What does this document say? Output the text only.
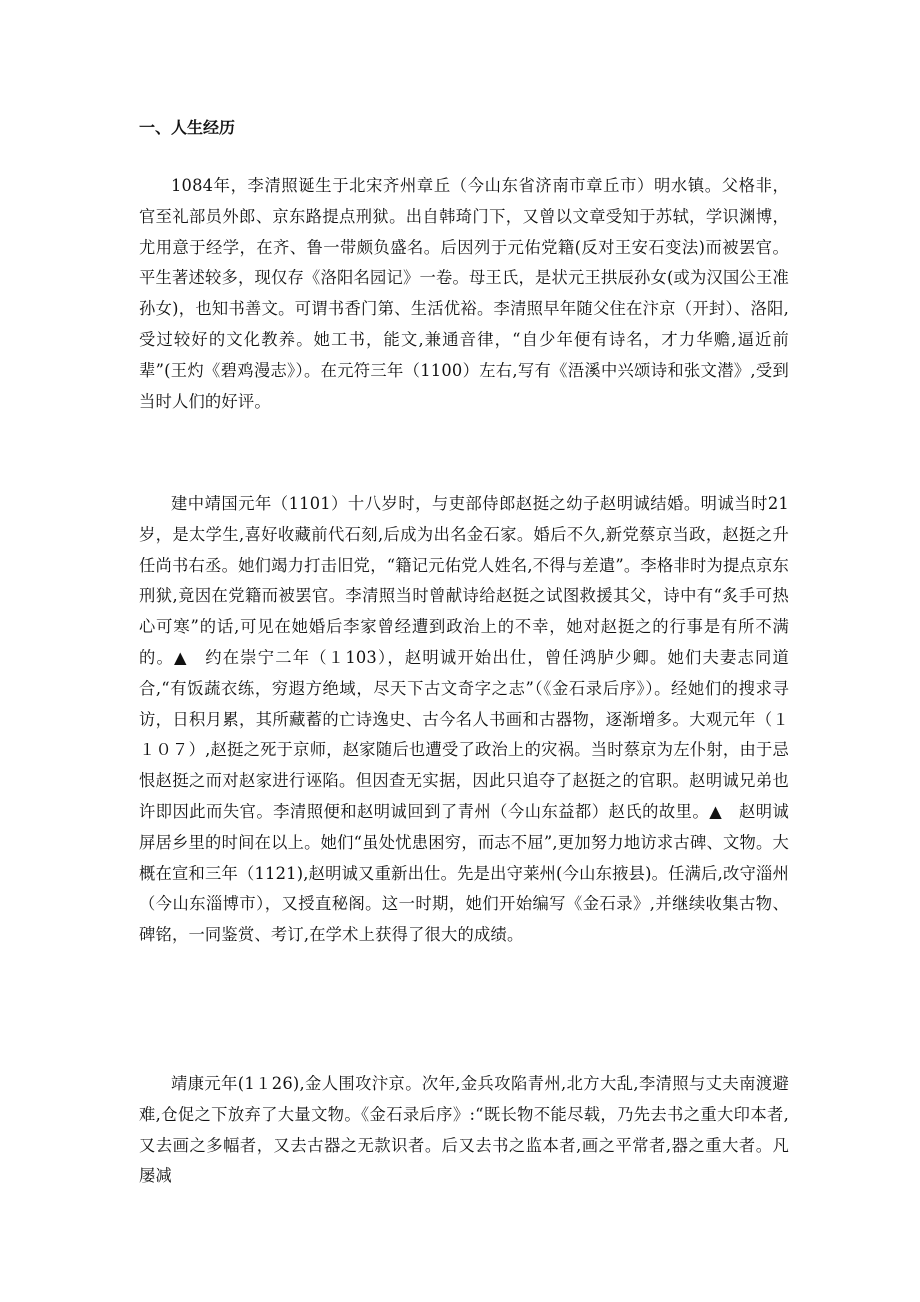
一、人生经历

1084年，李清照诞生于北宋齐州章丘（今山东省济南市章丘市）明水镇。父格非，官至礼部员外郎、京东路提点刑狱。出自韩琦门下，又曾以文章受知于苏轼，学识渊博，尤用意于经学，在齐、鲁一带颇负盛名。后因列于元佑党籍(反对王安石变法)而被罢官。平生著述较多，现仅存《洛阳名园记》一卷。母王氏，是状元王拱辰孙女(或为汉国公王准孙女)，也知书善文。可谓书香门第、生活优裕。李清照早年随父住在汴京（开封）、洛阳,受过较好的文化教养。她工书，能文,兼通音律，“自少年便有诗名，才力华赡,逼近前辈”(王灼《碧鸡漫志》）。在元符三年（1100）左右,写有《浯溪中兴颂诗和张文潜》,受到当时人们的好评。

建中靖国元年（1101）十八岁时，与吏部侍郎赵挺之幼子赵明诚结婚。明诚当时21岁，是太学生,喜好收藏前代石刻,后成为出名金石家。婚后不久,新党蔡京当政，赵挺之升任尚书右丞。她们竭力打击旧党，“籍记元佑党人姓名,不得与差遣”。李格非时为提点京东刑狱,竟因在党籍而被罢官。李清照当时曾献诗给赵挺之试图救援其父，诗中有“炙手可热心可寒”的话,可见在她婚后李家曾经遭到政治上的不幸，她对赵挺之的行事是有所不满的。▲　约在崇宁二年（１103），赵明诚开始出仕，曾任鸿胪少卿。她们夫妻志同道合,“有饭蔬衣练，穷遐方绝域，尽天下古文奇字之志”（《金石录后序》）。经她们的搜求寻访，日积月累，其所藏蓄的亡诗逸史、古今名人书画和古器物，逐渐增多。大观元年（１１０７）,赵挺之死于京师，赵家随后也遭受了政治上的灾祸。当时蔡京为左仆射，由于忌恨赵挺之而对赵家进行诬陷。但因查无实据，因此只追夺了赵挺之的官职。赵明诚兄弟也许即因此而失官。李清照便和赵明诚回到了青州（今山东益都）赵氏的故里。▲　赵明诚屏居乡里的时间在以上。她们“虽处忧患困穷，而志不屈”,更加努力地访求古碑、文物。大概在宣和三年（1121),赵明诚又重新出仕。先是出守莱州(今山东掖县)。任满后,改守淄州（今山东淄博市），又授直秘阁。这一时期，她们开始编写《金石录》,并继续收集古物、碑铭，一同鉴赏、考订,在学术上获得了很大的成绩。

靖康元年(1１26),金人围攻汴京。次年,金兵攻陷青州,北方大乱,李清照与丈夫南渡避难,仓促之下放弃了大量文物。《金石录后序》:“既长物不能尽载，乃先去书之重大印本者,又去画之多幅者，又去古器之无款识者。后又去书之监本者,画之平常者,器之重大者。凡屡减
